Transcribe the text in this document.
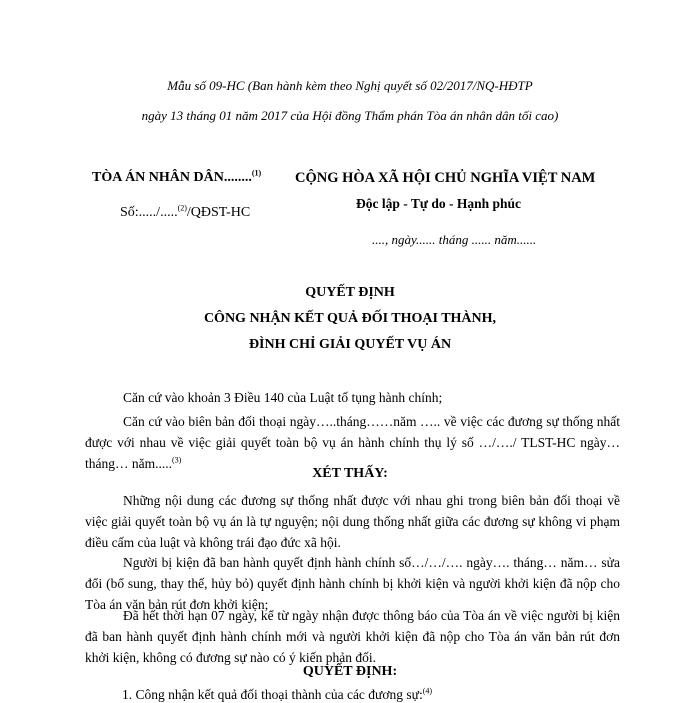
Mẫu số 09-HC (Ban hành kèm theo Nghị quyết số 02/2017/NQ-HĐTP
ngày 13 tháng 01 năm 2017 của Hội đồng Thẩm phán Tòa án nhân dân tối cao)
TÒA ÁN NHÂN DÂN........$^{(1)}$
Số:...../.....$^{(2)}$/QĐST-HC
CỘNG HÒA XÃ HỘI CHỦ NGHĨA VIỆT NAM
Độc lập - Tự do - Hạnh phúc
...., ngày...... tháng ...... năm......
QUYẾT ĐỊNH
CÔNG NHẬN KẾT QUẢ ĐỐI THOẠI THÀNH,
ĐÌNH CHỈ GIẢI QUYẾT VỤ ÁN
Căn cứ vào khoản 3 Điều 140 của Luật tố tụng hành chính;
Căn cứ vào biên bản đối thoại ngày…..tháng……năm ….. về việc các đương sự thống nhất được với nhau về việc giải quyết toàn bộ vụ án hành chính thụ lý số …/…./ TLST-HC ngày…tháng… năm.....$^{(3)}$
XÉT THẤY:
Những nội dung các đương sự thống nhất được với nhau ghi trong biên bản đối thoại về việc giải quyết toàn bộ vụ án là tự nguyện; nội dung thống nhất giữa các đương sự không vi phạm điều cấm của luật và không trái đạo đức xã hội.
Người bị kiện đã ban hành quyết định hành chính số…/…/…. ngày…. tháng… năm… sửa đổi (bổ sung, thay thế, hủy bỏ) quyết định hành chính bị khởi kiện và người khởi kiện đã nộp cho Tòa án văn bản rút đơn khởi kiện;
Đã hết thời hạn 07 ngày, kể từ ngày nhận được thông báo của Tòa án về việc người bị kiện đã ban hành quyết định hành chính mới và người khởi kiện đã nộp cho Tòa án văn bản rút đơn khởi kiện, không có đương sự nào có ý kiến phản đối.
QUYẾT ĐỊNH:
1. Công nhận kết quả đối thoại thành của các đương sự:$^{(4)}$
